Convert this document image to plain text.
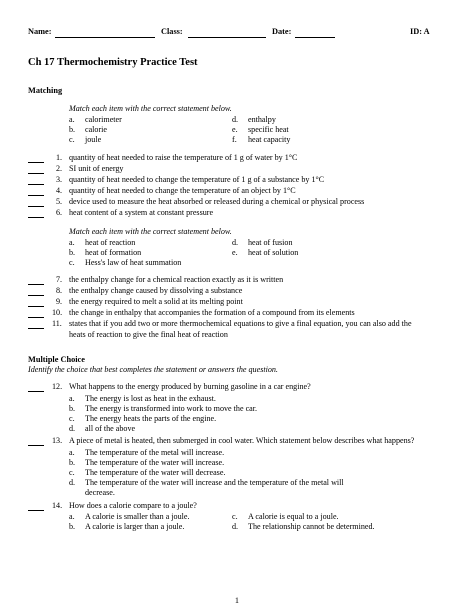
Name:	Class:	Date:	ID: A
Ch 17 Thermochemistry Practice Test
Matching
Match each item with the correct statement below.
a. calorimeter
b. calorie
c. joule
d. enthalpy
e. specific heat
f. heat capacity
1. quantity of heat needed to raise the temperature of 1 g of water by 1°C
2. SI unit of energy
3. quantity of heat needed to change the temperature of 1 g of a substance by 1°C
4. quantity of heat needed to change the temperature of an object by 1°C
5. device used to measure the heat absorbed or released during a chemical or physical process
6. heat content of a system at constant pressure
Match each item with the correct statement below.
a. heat of reaction
b. heat of formation
c. Hess's law of heat summation
d. heat of fusion
e. heat of solution
7. the enthalpy change for a chemical reaction exactly as it is written
8. the enthalpy change caused by dissolving a substance
9. the energy required to melt a solid at its melting point
10. the change in enthalpy that accompanies the formation of a compound from its elements
11. states that if you add two or more thermochemical equations to give a final equation, you can also add the
heats of reaction to give the final heat of reaction
Multiple Choice
Identify the choice that best completes the statement or answers the question.
12. What happens to the energy produced by burning gasoline in a car engine?
a. The energy is lost as heat in the exhaust.
b. The energy is transformed into work to move the car.
c. The energy heats the parts of the engine.
d. all of the above
13. A piece of metal is heated, then submerged in cool water. Which statement below describes what happens?
a. The temperature of the metal will increase.
b. The temperature of the water will increase.
c. The temperature of the water will decrease.
d. The temperature of the water will increase and the temperature of the metal will
decrease.
14. How does a calorie compare to a joule?
a. A calorie is smaller than a joule.
b. A calorie is larger than a joule.
c. A calorie is equal to a joule.
d. The relationship cannot be determined.
1
